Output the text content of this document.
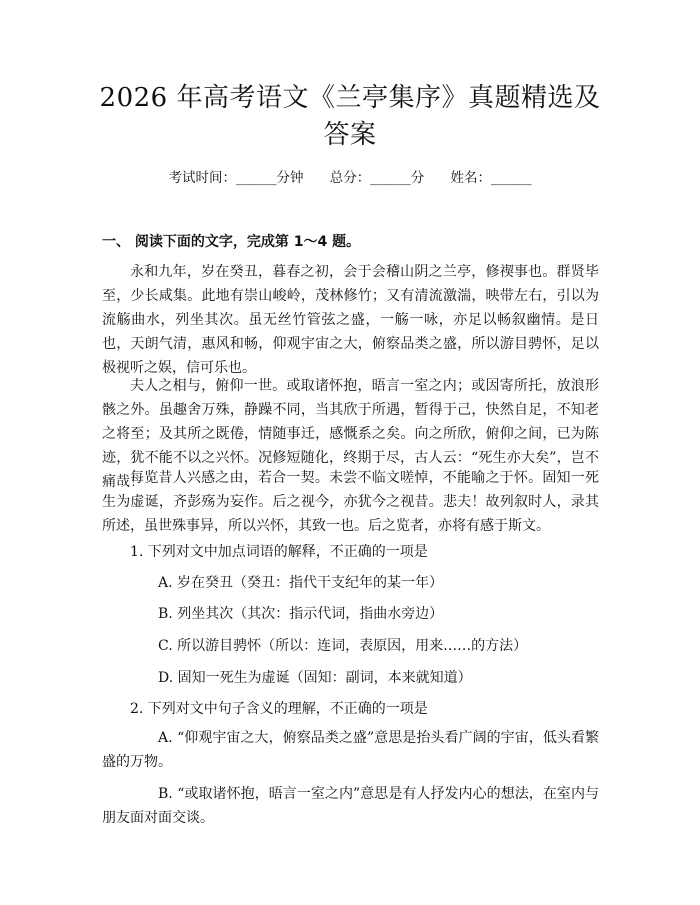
2026 年高考语文《兰亭集序》真题精选及答案
考试时间：______分钟 总分：______分 姓名：______
一、 阅读下面的文字，完成第 1～4 题。

永和九年，岁在癸丑，暮春之初，会于会稽山阴之兰亭，修禊事也。群贤毕至，少长咸集。此地有崇山峻岭，茂林修竹；又有清流激湍，映带左右，引以为流觞曲水，列坐其次。虽无丝竹管弦之盛，一觞一咏，亦足以畅叙幽情。是日也，天朗气清，惠风和畅，仰观宇宙之大，俯察品类之盛，所以游目骋怀，足以极视听之娱，信可乐也。

夫人之相与，俯仰一世。或取诸怀抱，晤言一室之内；或因寄所托，放浪形骸之外。虽趣舍万殊，静躁不同，当其欣于所遇，暂得于己，快然自足，不知老之将至；及其所之既倦，情随事迁，感慨系之矣。向之所欣，俯仰之间，已为陈迹，犹不能不以之兴怀。况修短随化，终期于尽，古人云：“死生亦大矣”，岂不痛哉！

每览昔人兴感之由，若合一契。未尝不临文嗟悼，不能喻之于怀。固知一死生为虚诞，齐彭殇为妄作。后之视今，亦犹今之视昔。悲夫！故列叙时人，录其所述，虽世殊事异，所以兴怀，其致一也。后之览者，亦将有感于斯文。

1. 下列对文中加点词语的解释，不正确的一项是
A. 岁在癸丑（癸丑：指代干支纪年的某一年）
B. 列坐其次（其次：指示代词，指曲水旁边）
C. 所以游目骋怀（所以：连词，表原因，用来……的方法）
D. 固知一死生为虚诞（固知：副词，本来就知道）
2. 下列对文中句子含义的理解，不正确的一项是

A. “仰观宇宙之大，俯察品类之盛”意思是抬头看广阔的宇宙，低头看繁盛的万物。

B. “或取诸怀抱，晤言一室之内”意思是有人抒发内心的想法，在室内与朋友面对面交谈。
